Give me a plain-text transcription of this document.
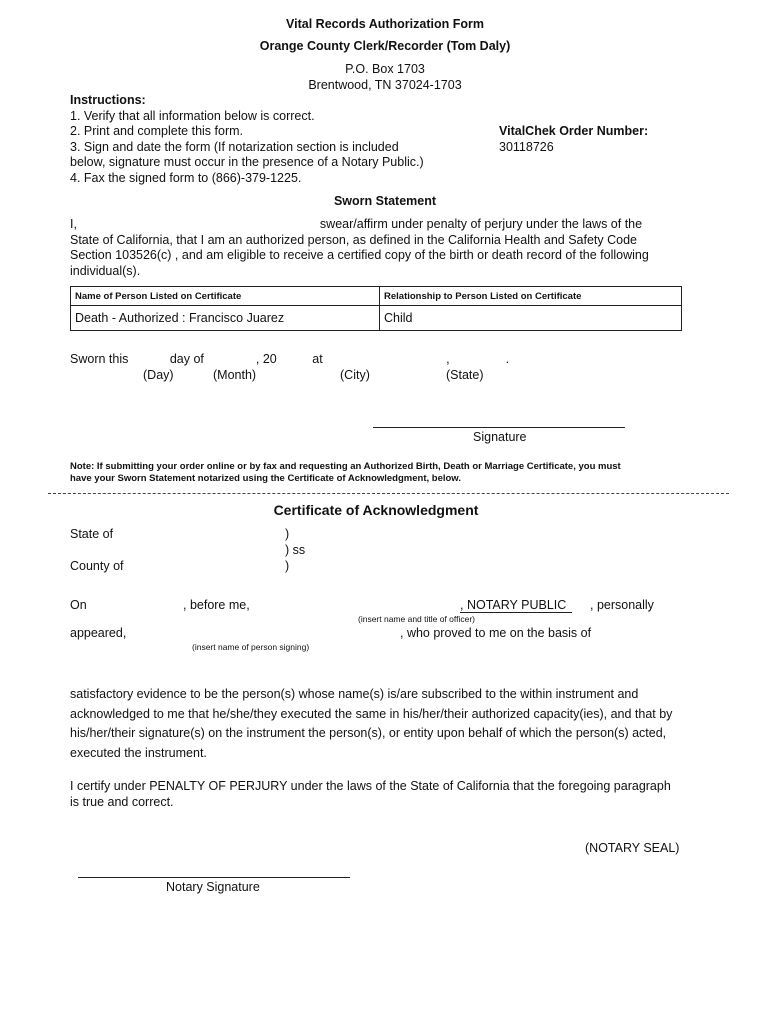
Vital Records Authorization Form
Orange County Clerk/Recorder (Tom Daly)
P.O. Box 1703
Brentwood, TN 37024-1703
Instructions:
1. Verify that all information below is correct.
2. Print and complete this form.
3. Sign and date the form (If notarization section is included
below, signature must occur in the presence of a Notary Public.)
4. Fax the signed form to (866)-379-1225.
VitalChek Order Number:
30118726
Sworn Statement
I,	swear/affirm under penalty of perjury under the laws of the
State of California, that I am an authorized person, as defined in the California Health and Safety Code
Section 103526(c) , and am eligible to receive a certified copy of the birth or death record of the following
individual(s).
Name of Person Listed on Certificate	Relationship to Person Listed on Certificate
Death - Authorized : Francisco Juarez	Child
Sworn this	day of	, 20	at	,	.
(Day)	(Month)	(City)	(State)
Signature
Note: If submitting your order online or by fax and requesting an Authorized Birth, Death or Marriage Certificate, you must
have your Sworn Statement notarized using the Certificate of Acknowledgment, below.
Certificate of Acknowledgment
State of	)
) ss
County of	)
On	, before me,	, NOTARY PUBLIC	, personally
(insert name and title of officer)
appeared,	, who proved to me on the basis of
(insert name of person signing)
satisfactory evidence to be the person(s) whose name(s) is/are subscribed to the within instrument and
acknowledged to me that he/she/they executed the same in his/her/their authorized capacity(ies), and that by
his/her/their signature(s) on the instrument the person(s), or entity upon behalf of which the person(s) acted,
executed the instrument.
I certify under PENALTY OF PERJURY under the laws of the State of California that the foregoing paragraph
is true and correct.
(NOTARY SEAL)
Notary Signature
